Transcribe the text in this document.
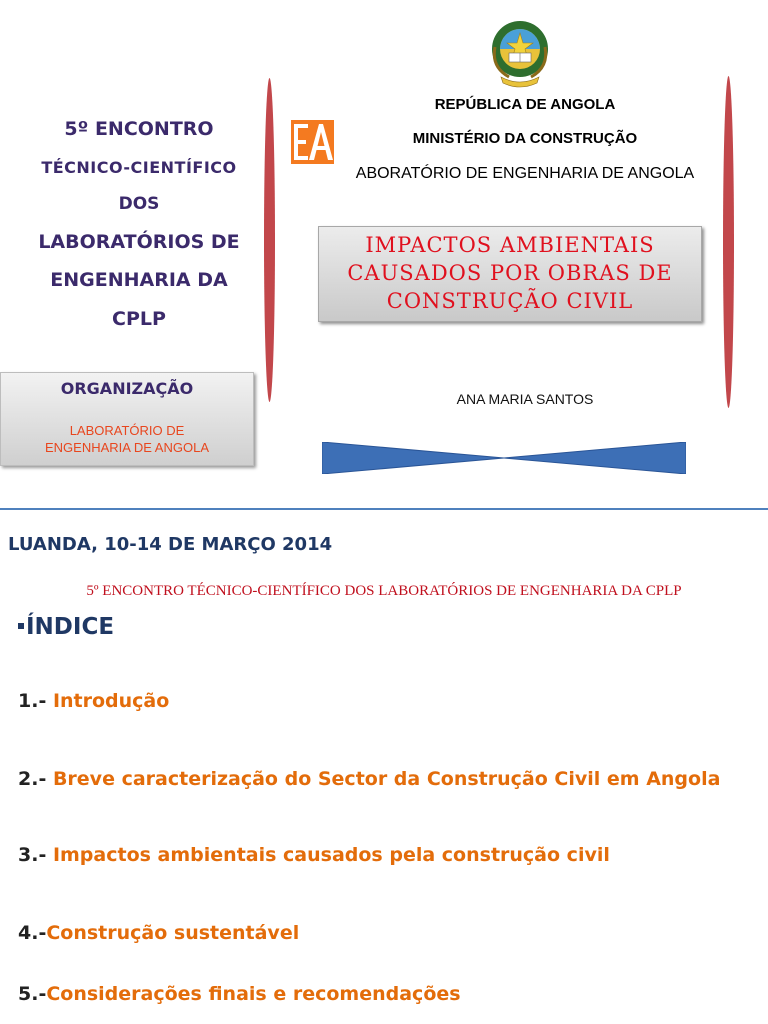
5º ENCONTRO
TÉCNICO-CIENTÍFICO
DOS
LABORATÓRIOS DE
ENGENHARIA DA
CPLP
ORGANIZAÇÃO
LABORATÓRIO DE
ENGENHARIA DE ANGOLA
REPÚBLICA DE ANGOLA
MINISTÉRIO DA CONSTRUÇÃO
ABORATÓRIO DE ENGENHARIA DE ANGOLA
IMPACTOS AMBIENTAIS
CAUSADOS POR OBRAS DE
CONSTRUÇÃO CIVIL
ANA MARIA SANTOS
LUANDA, 10-14 DE MARÇO 2014
5º ENCONTRO TÉCNICO-CIENTÍFICO DOS LABORATÓRIOS DE ENGENHARIA DA CPLP
ÍNDICE
1.- Introdução
2.- Breve caracterização do Sector da Construção Civil em Angola
3.- Impactos ambientais causados pela construção civil
4.-Construção sustentável
5.-Considerações finais e recomendações
